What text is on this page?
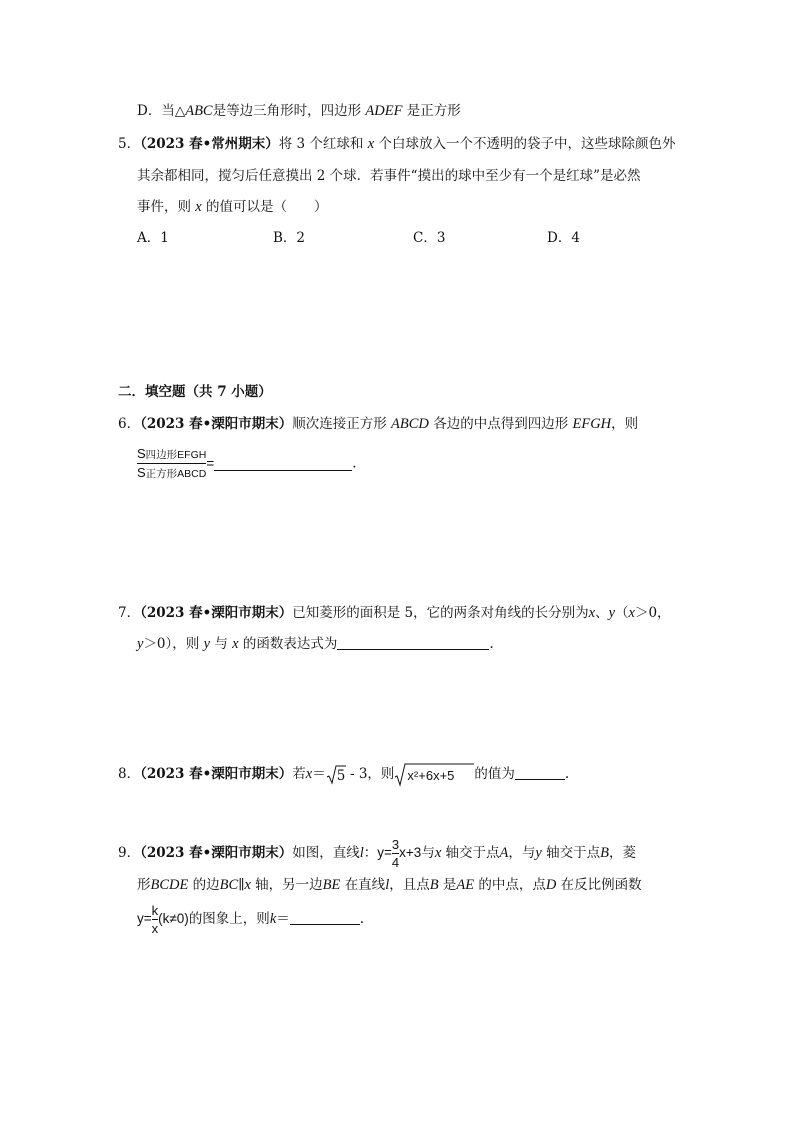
D．当△ABC是等边三角形时，四边形 ADEF 是正方形
5．（2023 春•常州期末）将 3 个红球和 x 个白球放入一个不透明的袋子中，这些球除颜色外
其余都相同，搅匀后任意摸出 2 个球．若事件“摸出的球中至少有一个是红球”是必然
事件，则 x 的值可以是（　　）
A．1	B．2	C．3	D．4
二．填空题（共 7 小题）
6．（2023 春•溧阳市期末）顺次连接正方形 ABCD 各边的中点得到四边形 EFGH，则
$\frac{\text{S四边形EFGH}}{\text{S正方形ABCD}}$ =	.
7．（2023 春•溧阳市期末）已知菱形的面积是 5，它的两条对角线的长分别为x、y（x＞0，
y＞0），则 y 与 x 的函数表达式为	.
8．（2023 春•溧阳市期末）若x＝ 5 - 3，则 x²+6x+5 的值为	.
9．（2023 春•溧阳市期末）如图，直线l：$y= \frac{3}{4} x+3$与x 轴交于点A，与y 轴交于点B，菱
形BCDE 的边BC∥x 轴，另一边BE 在直线l，且点B 是AE 的中点，点D 在反比例函数
$y= \frac{k}{x} (k\ne 0)$的图象上，则k＝	.
